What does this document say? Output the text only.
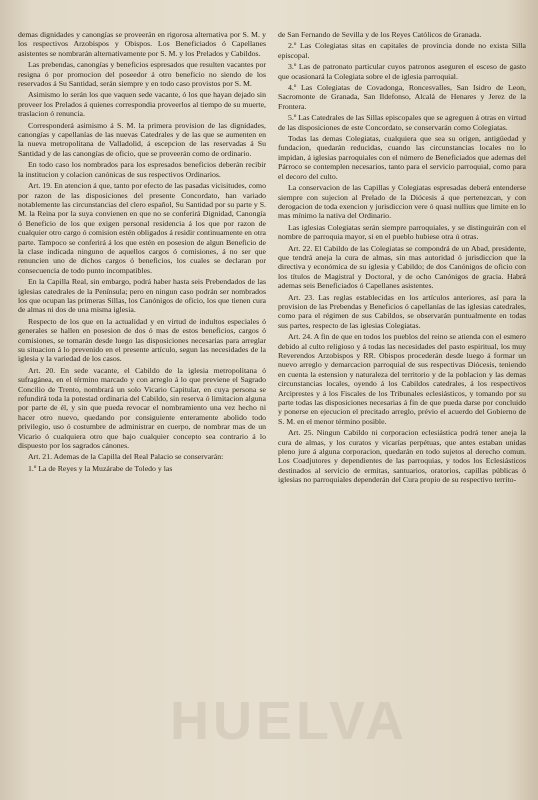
demas dignidades y canongías se proveerán en rigorosa alternativa por S. M. y los respectivos Arzobispos y Obispos. Los Beneficiados ó Capellanes asistentes se nombrarán alternativamente por S. M. y los Prelados y Cabildos.

Las prebendas, canongías y beneficios espresados que resulten vacantes por resigna ó por promocion del poseedor á otro beneficio no siendo de los reservados á Su Santidad, serán siempre y en todo caso provistos por S. M.

Asimismo lo serán los que vaquen sede vacante, ó los que hayan dejado sin proveer los Prelados á quienes correspondia proveerlos al tiempo de su muerte, traslacion ó renuncia.

Corresponderá asimismo á S. M. la primera provision de las dignidades, canongías y capellanías de las nuevas Catedrales y de las que se aumenten en la nueva metropolitana de Valladolid, á escepcion de las reservadas á Su Santidad y de las canongías de oficio, que se proveerán como de ordinario.

En todo caso los nombrados para los espresados beneficios deberán recibir la institucion y colacion canónicas de sus respectivos Ordinarios.

Art. 19. En atencion á que, tanto por efecto de las pasadas vicisitudes, como por razon de las disposiciones del presente Concordato, han variado notablemente las circunstancias del clero español, Su Santidad por su parte y S. M. la Reina por la suya convienen en que no se conferirá Dignidad, Canongía ó Beneficio de los que exigen personal residencia á los que por razon de cualquier otro cargo ó comision estén obligados á residir continuamente en otra parte. Tampoco se conferirá á los que estén en posesion de algun Beneficio de la clase indicada ninguno de aquellos cargos ó comisiones, á no ser que renuncien uno de dichos cargos ó beneficios, los cuales se declaran por consecuencia de todo punto incompatibles.

En la Capilla Real, sin embargo, podrá haber hasta seis Prebendados de las iglesias catedrales de la Península; pero en ningun caso podrán ser nombrados los que ocupan las primeras Sillas, los Canónigos de oficio, los que tienen cura de almas ni dos de una misma iglesia.

Respecto de los que en la actualidad y en virtud de indultos especiales ó generales se hallen en posesion de dos ó mas de estos beneficios, cargos ó comisiones, se tomarán desde luego las disposiciones necesarias para arreglar su situacion á lo prevenido en el presente artículo, segun las necesidades de la iglesia y la variedad de los casos.

Art. 20. En sede vacante, el Cabildo de la iglesia metropolitana ó sufragánea, en el término marcado y con arreglo á lo que previene el Sagrado Concilio de Trento, nombrará un solo Vicario Capitular, en cuya persona se refundirá toda la potestad ordinaria del Cabildo, sin reserva ó limitacion alguna por parte de él, y sin que pueda revocar el nombramiento una vez hecho ni hacer otro nuevo, quedando por consiguiente enteramente abolido todo privilegio, uso ó costumbre de administrar en cuerpo, de nombrar mas de un Vicario ó cualquiera otro que bajo cualquier concepto sea contrario á lo dispuesto por los sagrados cánones.

Art. 21. Ademas de la Capilla del Real Palacio se conservarán:

1.º La de Reyes y la Muzárabe de Toledo y las

de San Fernando de Sevilla y de los Reyes Católicos de Granada.

2.º Las Colegiatas sitas en capitales de provincia donde no exista Silla episcopal.

3.º Las de patronato particular cuyos patronos aseguren el esceso de gasto que ocasionará la Colegiata sobre el de iglesia parroquial.

4.º Las Colegiatas de Covadonga, Roncesvalles, San Isidro de Leon, Sacromonte de Granada, San Ildefonso, Alcalá de Henares y Jerez de la Frontera.

5.º Las Catedrales de las Sillas episcopales que se agreguen á otras en virtud de las disposiciones de este Concordato, se conservarán como Colegiatas.

Todas las demas Colegiatas, cualquiera que sea su origen, antigüedad y fundacion, quedarán reducidas, cuando las circunstancias locales no lo impidan, á iglesias parroquiales con el número de Beneficiados que ademas del Párroco se contemplen necesarios, tanto para el servicio parroquial, como para el decoro del culto.

La conservacion de las Capillas y Colegiatas espresadas deberá entenderse siempre con sujecion al Prelado de la Diócesis á que pertenezcan, y con derogacion de toda exencion y jurisdiccion vere ó quasi nullius que limite en lo mas mínimo la nativa del Ordinario.

Las iglesias Colegiatas serán siempre parroquiales, y se distinguirán con el nombre de parroquia mayor, si en el pueblo hubiese otra ú otras.

Art. 22. El Cabildo de las Colegiatas se compondrá de un Abad, presidente, que tendrá aneja la cura de almas, sin mas autoridad ó jurisdiccion que la directiva y económica de su iglesia y Cabildo; de dos Canónigos de oficio con los títulos de Magistral y Doctoral, y de ocho Canónigos de gracia. Habrá ademas seis Beneficiados ó Capellanes asistentes.

Art. 23. Las reglas establecidas en los artículos anteriores, así para la provision de las Prebendas y Beneficios ó capellanías de las iglesias catedrales, como para el régimen de sus Cabildos, se observarán puntualmente en todas sus partes, respecto de las iglesias Colegiatas.

Art. 24. A fin de que en todos los pueblos del reino se atienda con el esmero debido al culto religioso y á todas las necesidades del pasto espiritual, los muy Reverendos Arzobispos y RR. Obispos procederán desde luego á formar un nuevo arreglo y demarcacion parroquial de sus respectivas Diócesis, teniendo en cuenta la estension y naturaleza del territorio y de la poblacion y las demas circunstancias locales, oyendo á los Cabildos catedrales, á los respectivos Arciprestes y á los Fiscales de los Tribunales eclesiásticos, y tomando por su parte todas las disposiciones necesarias á fin de que pueda darse por concluido y ponerse en ejecucion el precitado arreglo, prévio el acuerdo del Gobierno de S. M. en el menor término posible.

Art. 25. Ningun Cabildo ni corporacion eclesiástica podrá tener aneja la cura de almas, y los curatos y vicarías perpétuas, que antes estaban unidas pleno jure á alguna corporacion, quedarán en todo sujetos al derecho comun. Los Coadjutores y dependientes de las parroquias, y todos los Eclesiásticos destinados al servicio de ermitas, santuarios, oratorios, capillas públicas ó iglesias no parroquiales dependerán del Cura propio de su respectivo territo-

HUELVA
